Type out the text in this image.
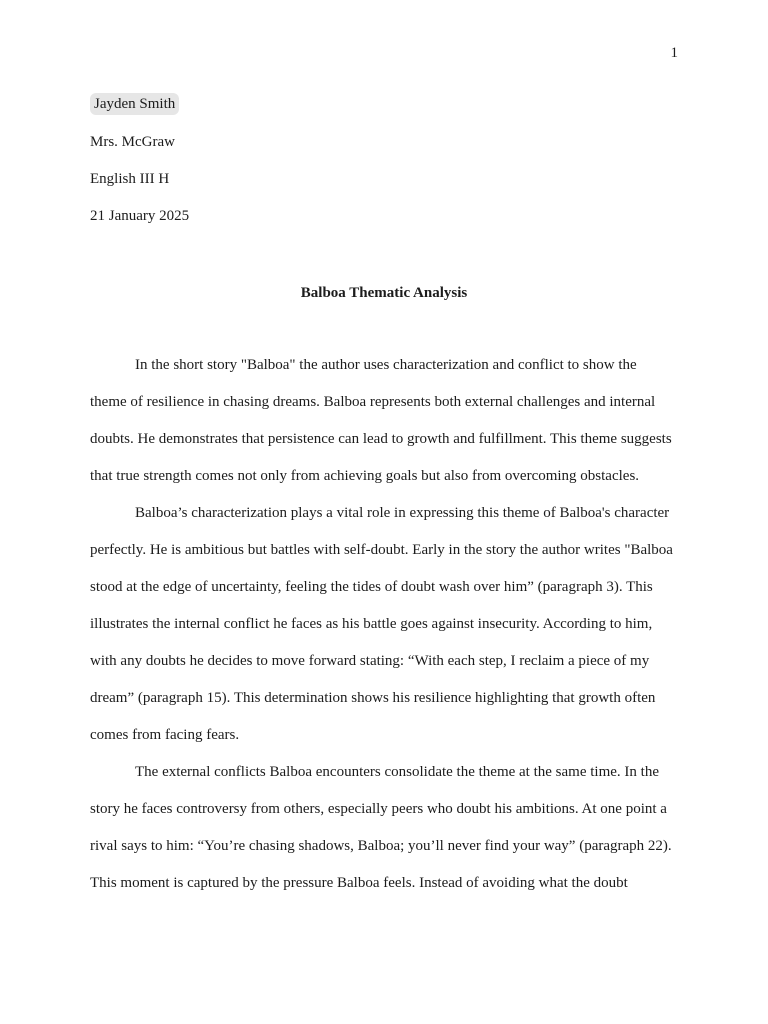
1
Jayden Smith
Mrs. McGraw
English III H
21 January 2025
Balboa Thematic Analysis
In the short story "Balboa" the author uses characterization and conflict to show the
theme of resilience in chasing dreams. Balboa represents both external challenges and internal
doubts. He demonstrates that persistence can lead to growth and fulfillment. This theme suggests
that true strength comes not only from achieving goals but also from overcoming obstacles.
Balboa’s characterization plays a vital role in expressing this theme of Balboa's character
perfectly. He is ambitious but battles with self-doubt. Early in the story the author writes "Balboa
stood at the edge of uncertainty, feeling the tides of doubt wash over him” (paragraph 3). This
illustrates the internal conflict he faces as his battle goes against insecurity. According to him,
with any doubts he decides to move forward stating: “With each step, I reclaim a piece of my
dream” (paragraph 15). This determination shows his resilience highlighting that growth often
comes from facing fears.
The external conflicts Balboa encounters consolidate the theme at the same time. In the
story he faces controversy from others, especially peers who doubt his ambitions. At one point a
rival says to him: “You’re chasing shadows, Balboa; you’ll never find your way” (paragraph 22).
This moment is captured by the pressure Balboa feels. Instead of avoiding what the doubt
